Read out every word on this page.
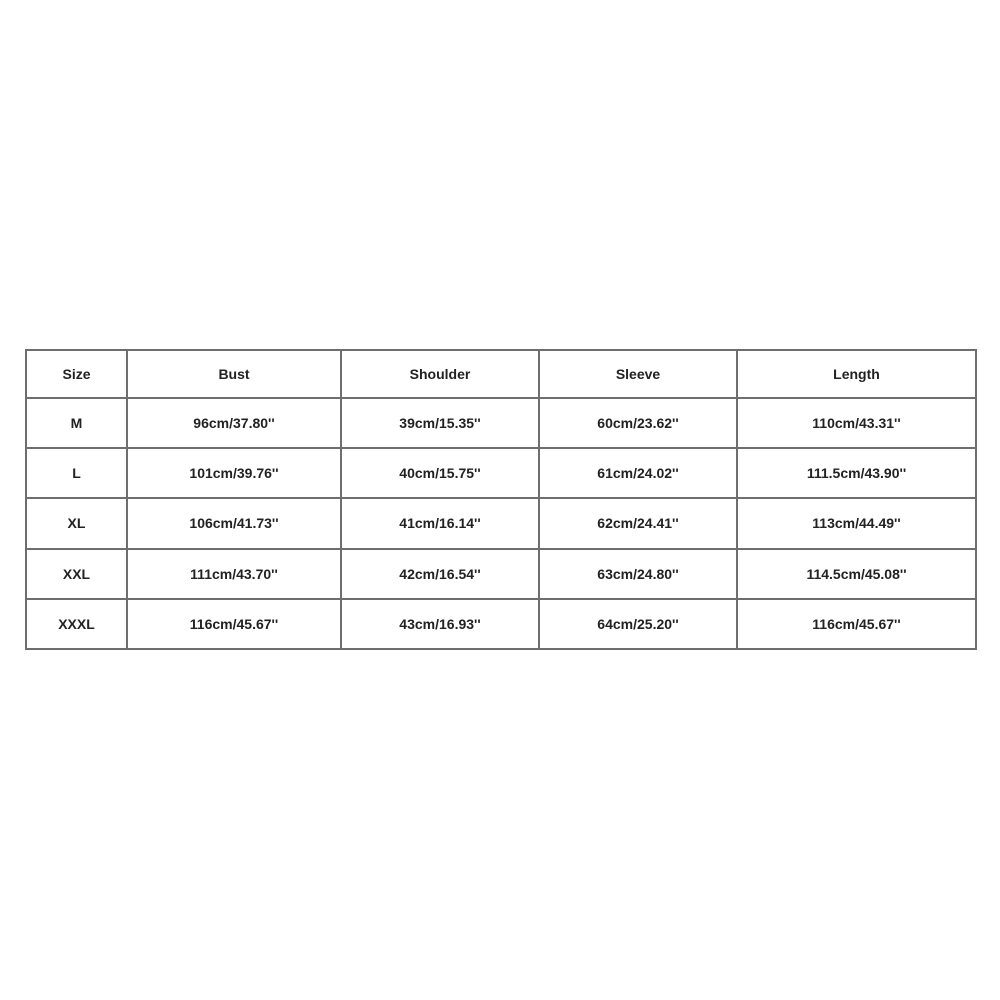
Size	Bust	Shoulder	Sleeve	Length
M	96cm/37.80''	39cm/15.35''	60cm/23.62''	110cm/43.31''
L	101cm/39.76''	40cm/15.75''	61cm/24.02''	111.5cm/43.90''
XL	106cm/41.73''	41cm/16.14''	62cm/24.41''	113cm/44.49''
XXL	111cm/43.70''	42cm/16.54''	63cm/24.80''	114.5cm/45.08''
XXXL	116cm/45.67''	43cm/16.93''	64cm/25.20''	116cm/45.67''
